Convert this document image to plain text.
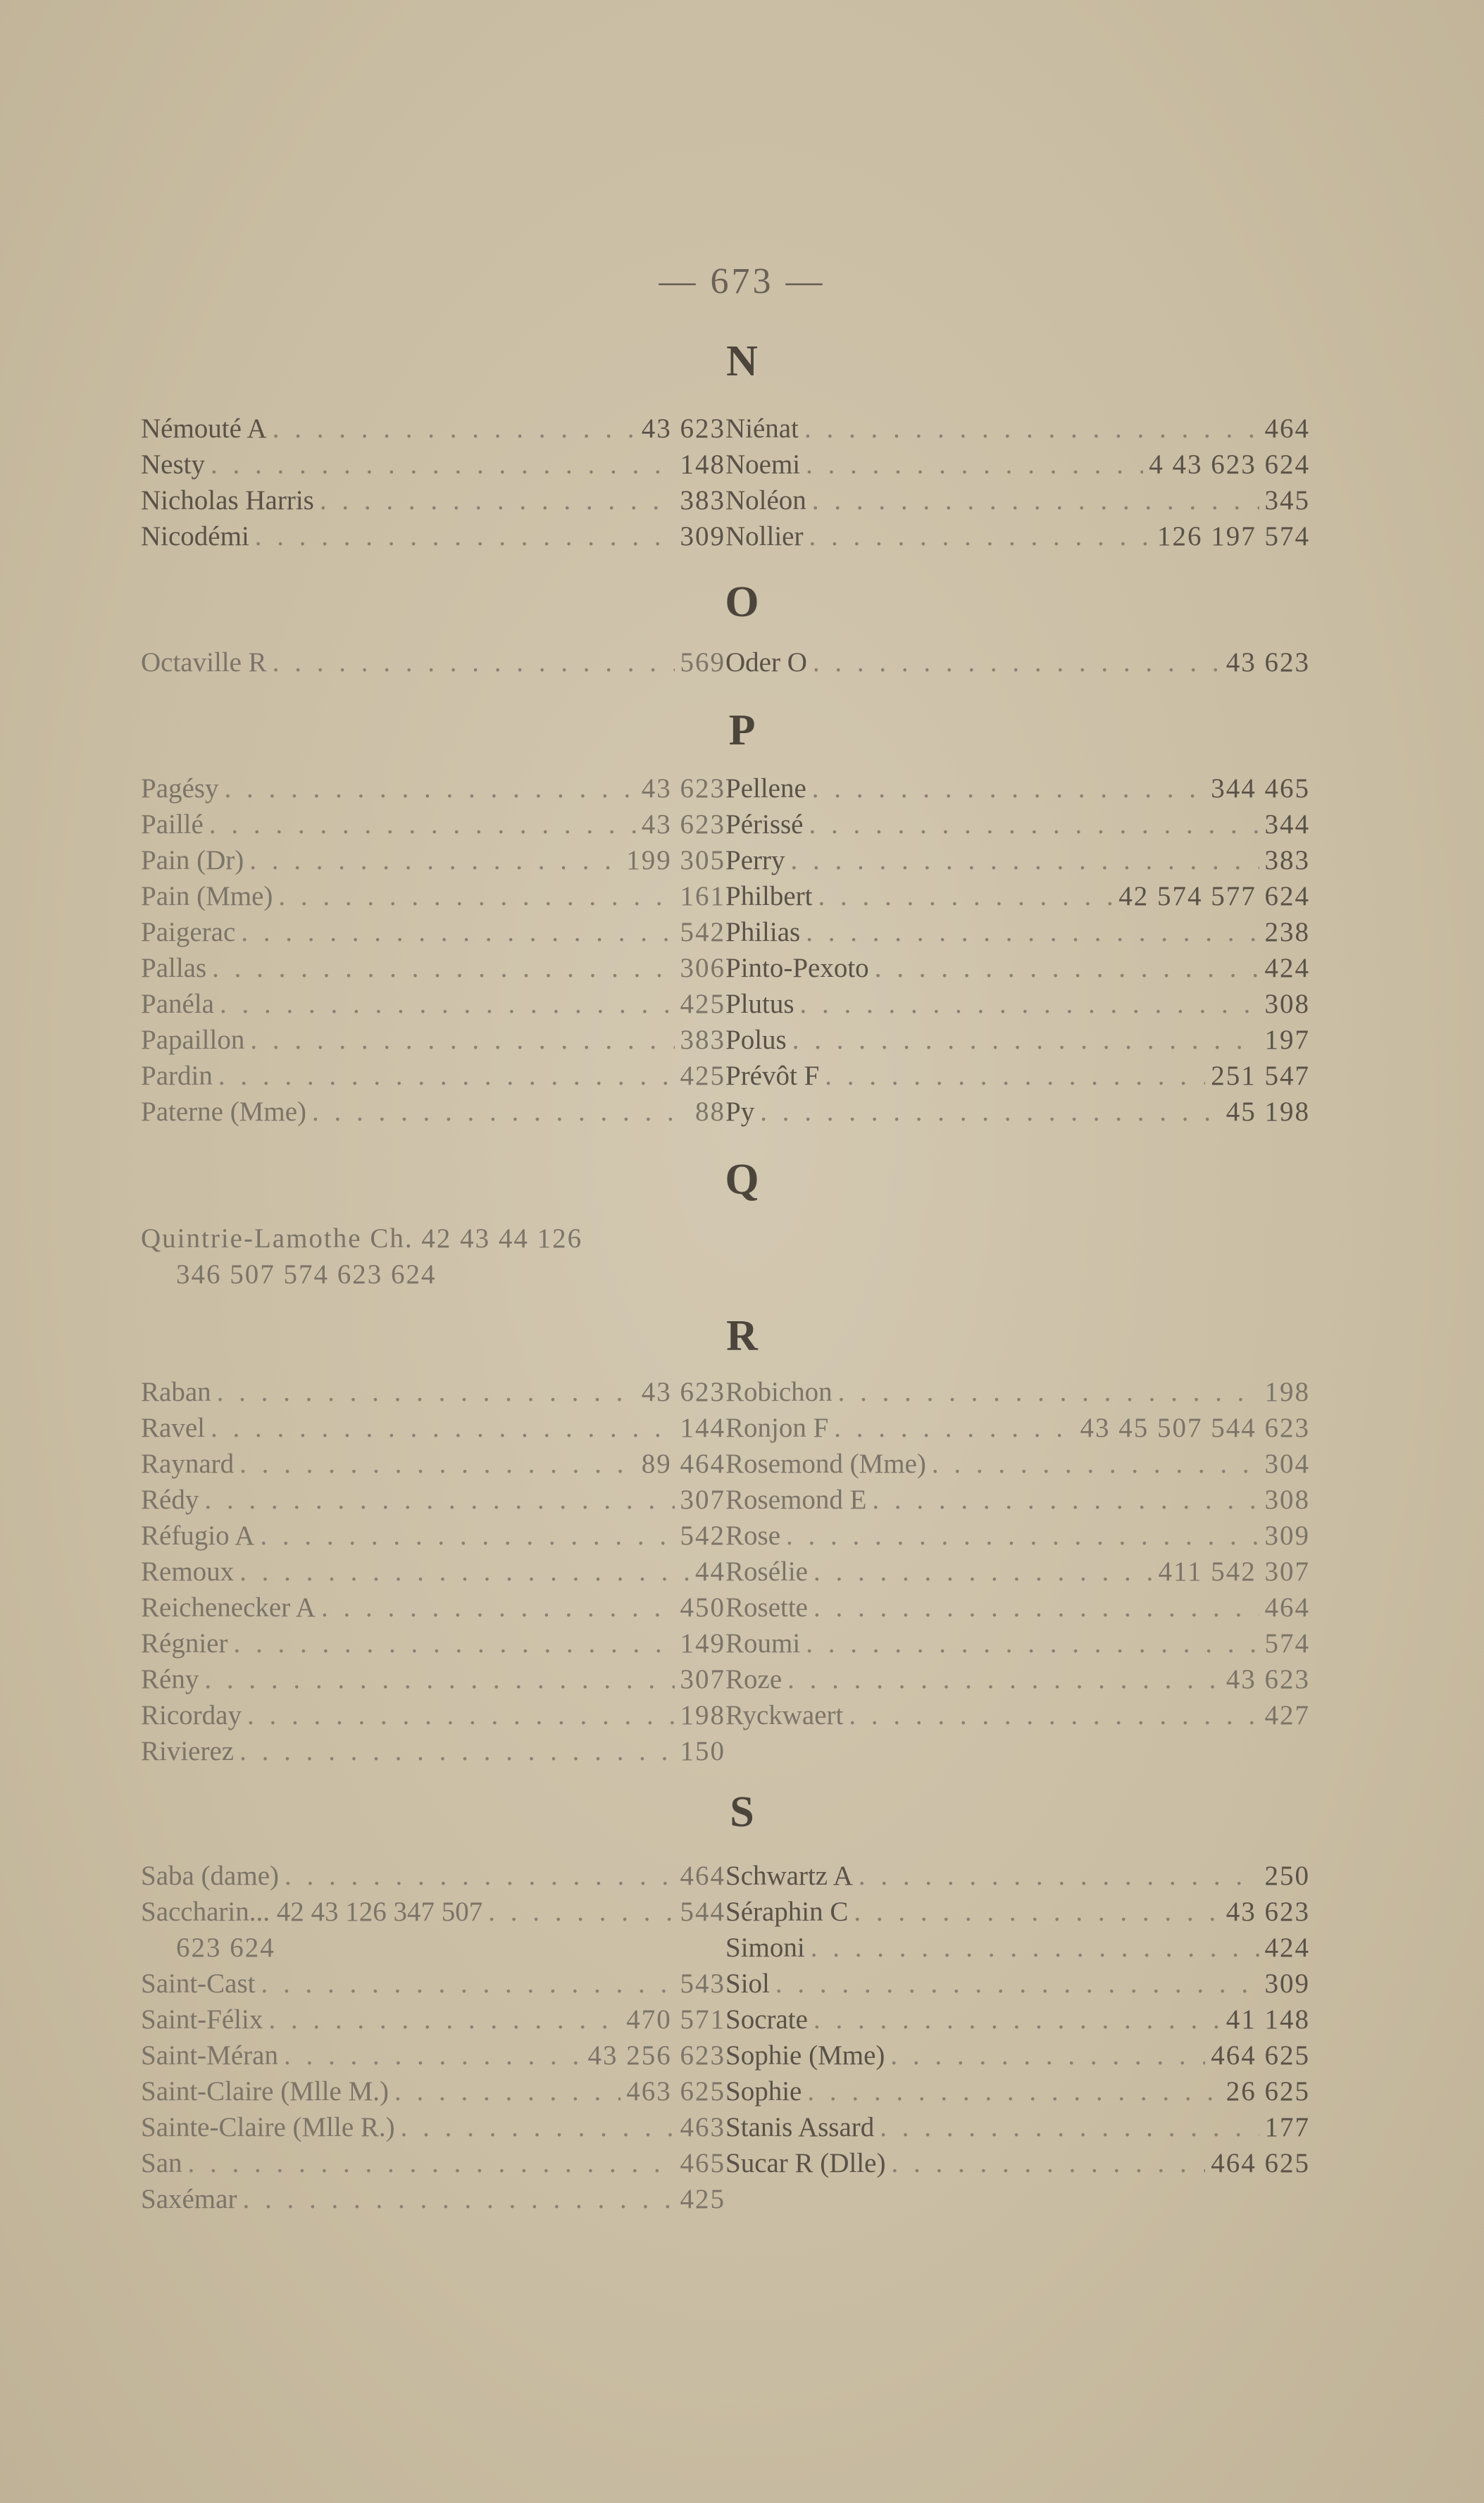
— 673 —
N
Némouté A . . .	43 623
Nesty . . .	148
Nicholas Harris . . .	383
Nicodémi . . .	309
Niénat . . .	464
Noemi . . .	4 43 623 624
Noléon . . .	345
Nollier . . .	126 197 574
O
Octaville R . . .	569 Oder O . . .	43 623
P
Pagésy . . .	43 623
Paillé . . .	43 623
Pain (Dr) . . .	199 305
Pain (Mme) . . .	161
Paigerac . . .	542
Pallas . . .	306
Panéla . . .	425
Papaillon . . .	383
Pardin . . .	425
Paterne (Mme) . . .	88
Pellene . . .	344 465
Périssé . . .	344
Perry . . .	383
Philbert . . .	42 574 577 624
Philias . . .	238
Pinto-Pexoto . . .	424
Plutus . . .	308
Polus . . .	197
Prévôt F . . .	251 547
Py . . .	45 198
Q
Quintrie-Lamothe Ch. 42 43 44 126
346 507 574 623 624
R
Raban . . .	43 623
Ravel . . .	144
Raynard . . .	89 464
Rédy . . .	307
Réfugio A . . .	542
Remoux . . .	44
Reichenecker A . . .	450
Régnier . . .	149
Rény . . .	307
Ricorday . . .	198
Rivierez . . .	150
Robichon . . .	198
Ronjon F . . .	43 45 507 544 623
Rosemond (Mme) . . .	304
Rosemond E . . .	308
Rose . . .	309
Rosélie . . .	411 542 307
Rosette . . .	464
Roumi . . .	574
Roze . . .	43 623
Ryckwaert . . .	427
S
Saba (dame) . . .	464
Saccharin... 42 43 126 347 507 . . .	544
623 624
Saint-Cast . . .	543
Saint-Félix . . .	470 571
Saint-Méran . . .	43 256 623
Saint-Claire (Mlle M.) . . .	463 625
Sainte-Claire (Mlle R.) . . .	463
San . . .	465
Saxémar . . .	425
Schwartz A . . .	250
Séraphin C . . .	43 623
Simoni . . .	424
Siol . . .	309
Socrate . . .	41 148
Sophie (Mme) . . .	464 625
Sophie . . .	26 625
Stanis Assard . . .	177
Sucar R (Dlle) . . .	464 625
